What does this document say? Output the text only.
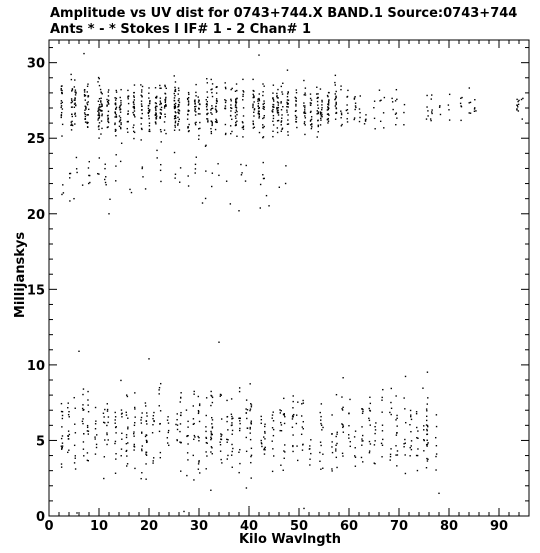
Amplitude vs UV dist for 0743+744.X BAND.1 Source:0743+744
Ants * - * Stokes I IF# 1 - 2 Chan# 1
0	10 20 30 40 50 60 70 80 90
0
5
10
15
20
25
30
Kilo Wavlngth
MilliJanskys
